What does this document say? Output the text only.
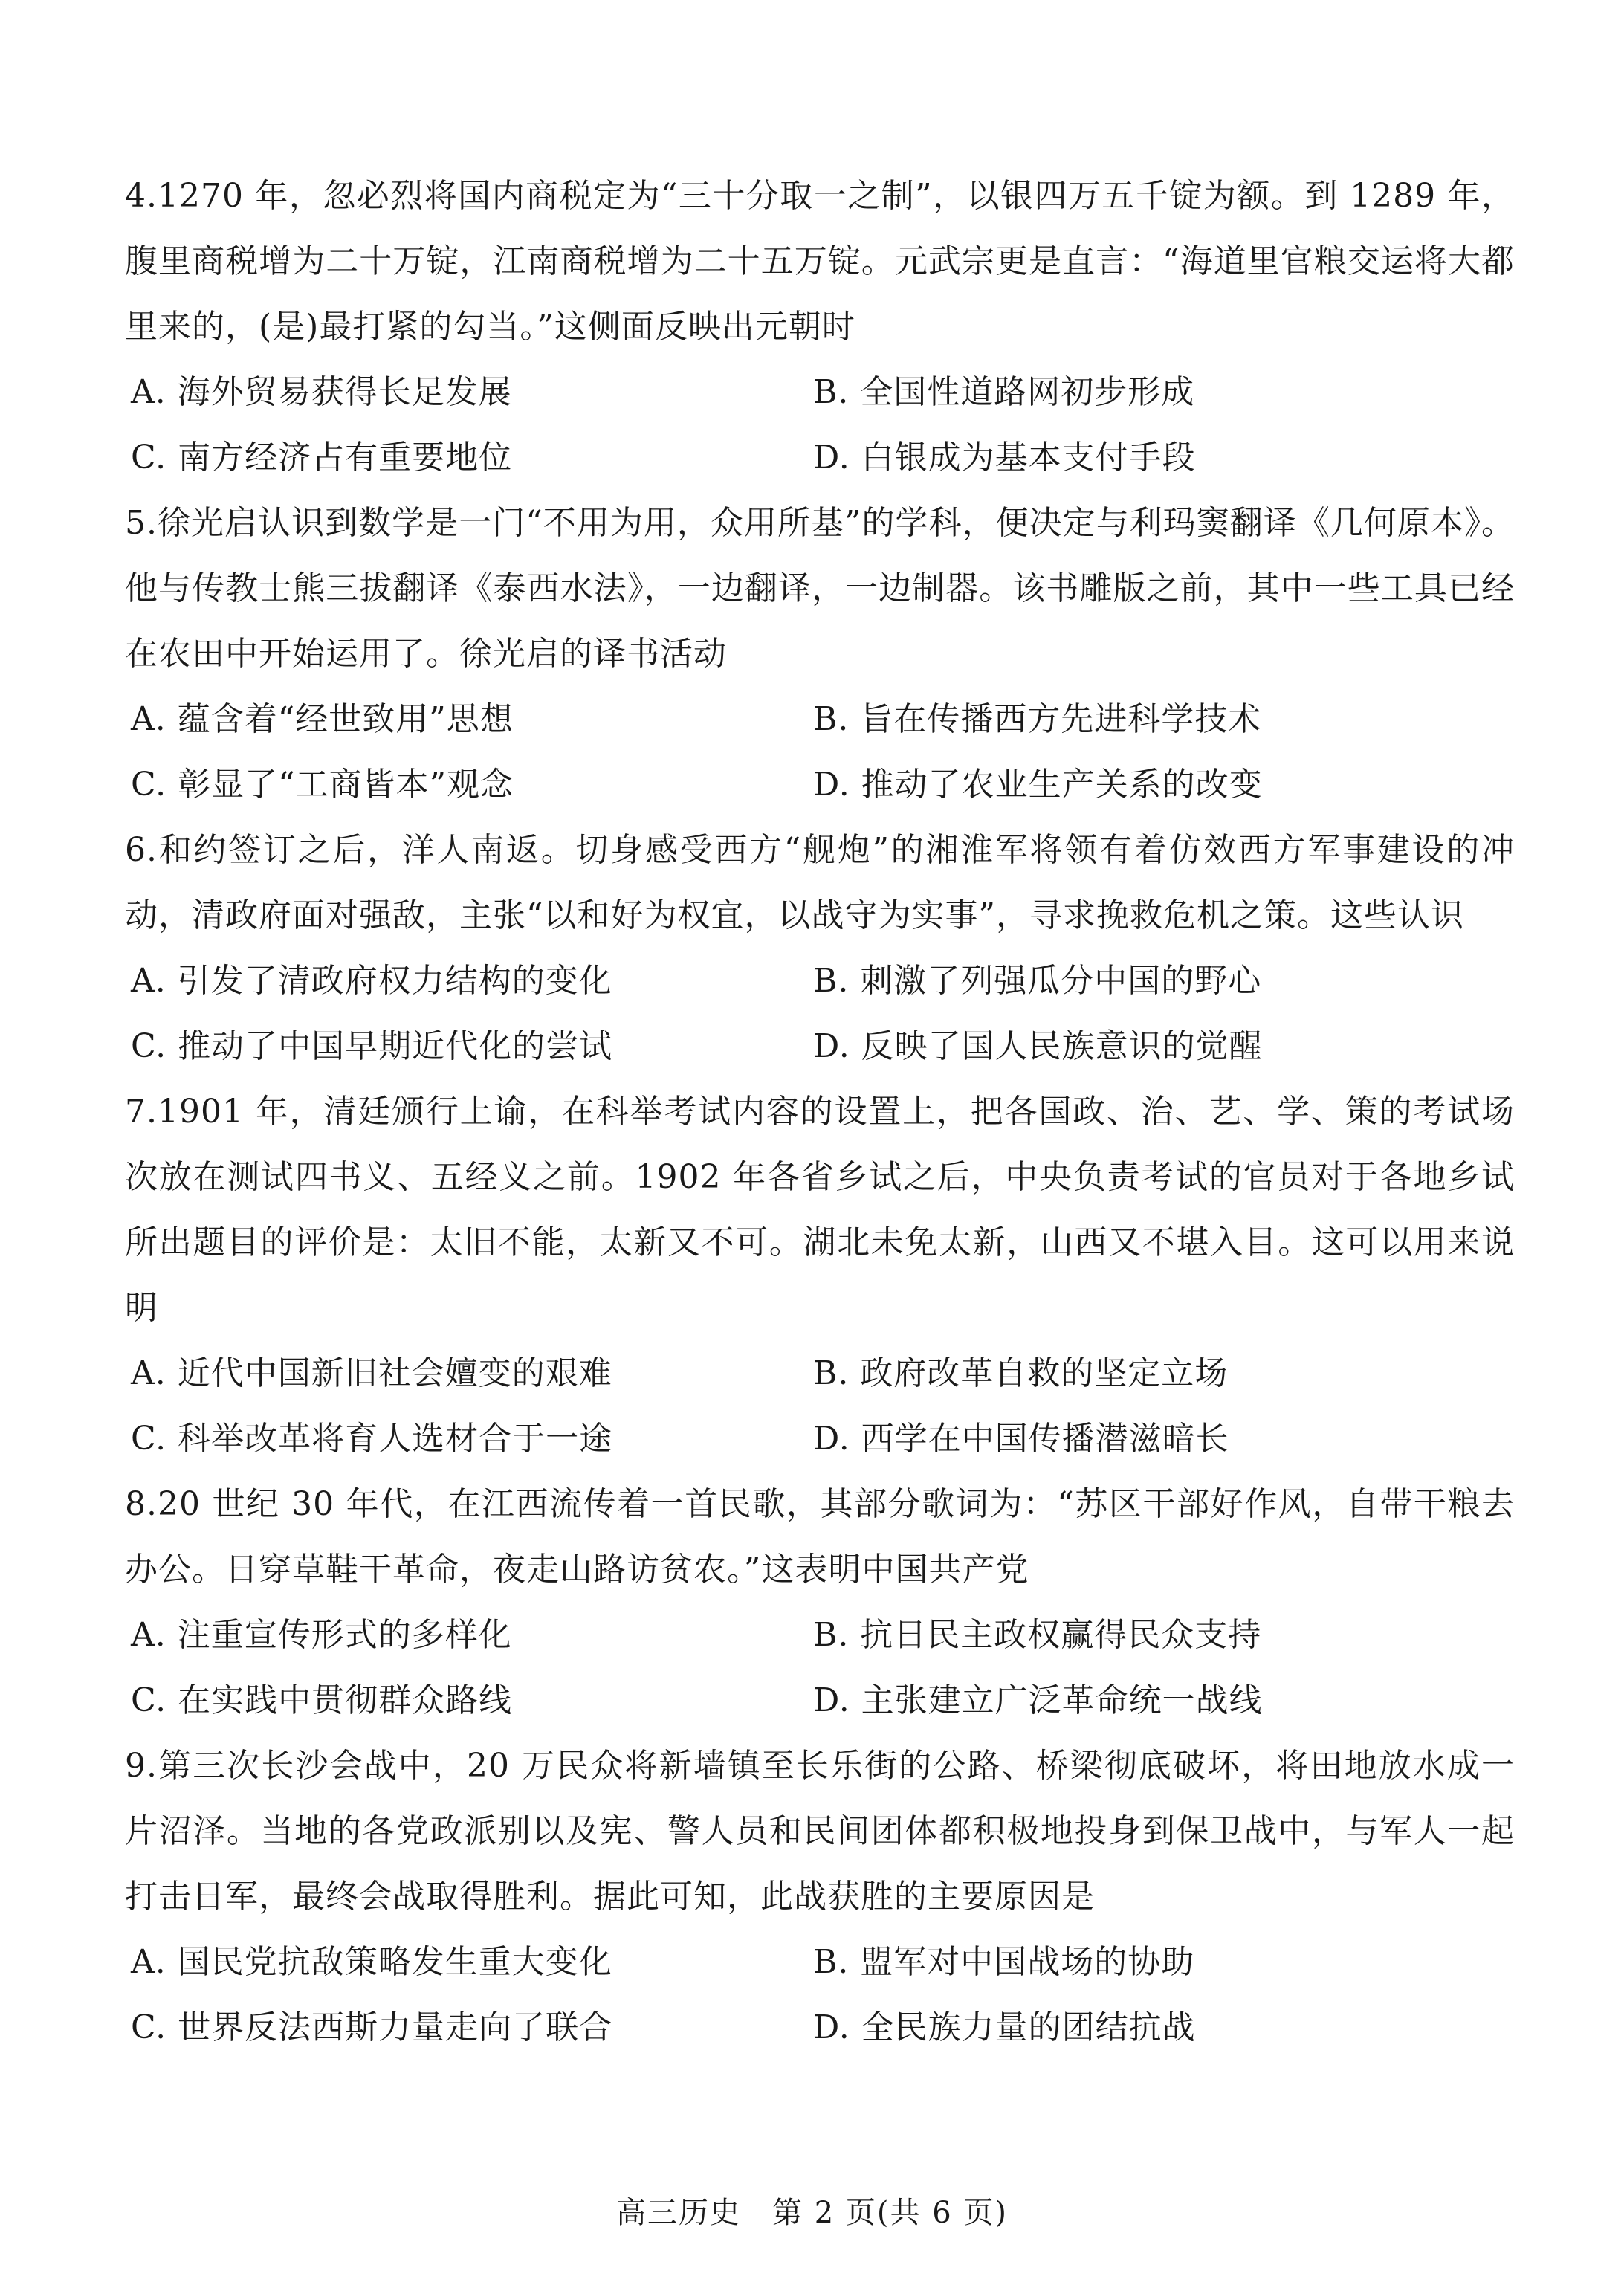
4.1270 年，忽必烈将国内商税定为“三十分取一之制”，以银四万五千锭为额。到 1289 年，腹里商税增为二十万锭，江南商税增为二十五万锭。元武宗更是直言：“海道里官粮交运将大都里来的，(是)最打紧的勾当。”这侧面反映出元朝时
A. 海外贸易获得长足发展	B. 全国性道路网初步形成
C. 南方经济占有重要地位	D. 白银成为基本支付手段
5.徐光启认识到数学是一门“不用为用，众用所基”的学科，便决定与利玛窦翻译《几何原本》。他与传教士熊三拔翻译《泰西水法》，一边翻译，一边制器。该书雕版之前，其中一些工具已经在农田中开始运用了。徐光启的译书活动
A. 蕴含着“经世致用”思想	B. 旨在传播西方先进科学技术
C. 彰显了“工商皆本”观念	D. 推动了农业生产关系的改变
6.和约签订之后，洋人南返。切身感受西方“舰炮”的湘淮军将领有着仿效西方军事建设的冲动，清政府面对强敌，主张“以和好为权宜，以战守为实事”，寻求挽救危机之策。这些认识
A. 引发了清政府权力结构的变化	B. 刺激了列强瓜分中国的野心
C. 推动了中国早期近代化的尝试	D. 反映了国人民族意识的觉醒
7.1901 年，清廷颁行上谕，在科举考试内容的设置上，把各国政、治、艺、学、策的考试场次放在测试四书义、五经义之前。1902 年各省乡试之后，中央负责考试的官员对于各地乡试所出题目的评价是：太旧不能，太新又不可。湖北未免太新，山西又不堪入目。这可以用来说明
A. 近代中国新旧社会嬗变的艰难	B. 政府改革自救的坚定立场
C. 科举改革将育人选材合于一途	D. 西学在中国传播潜滋暗长
8.20 世纪 30 年代，在江西流传着一首民歌，其部分歌词为：“苏区干部好作风，自带干粮去办公。日穿草鞋干革命，夜走山路访贫农。”这表明中国共产党
A. 注重宣传形式的多样化	B. 抗日民主政权赢得民众支持
C. 在实践中贯彻群众路线	D. 主张建立广泛革命统一战线
9.第三次长沙会战中，20 万民众将新墙镇至长乐街的公路、桥梁彻底破坏，将田地放水成一片沼泽。当地的各党政派别以及宪、警人员和民间团体都积极地投身到保卫战中，与军人一起打击日军，最终会战取得胜利。据此可知，此战获胜的主要原因是
A. 国民党抗敌策略发生重大变化	B. 盟军对中国战场的协助
C. 世界反法西斯力量走向了联合	D. 全民族力量的团结抗战
高三历史　第 2 页(共 6 页)
